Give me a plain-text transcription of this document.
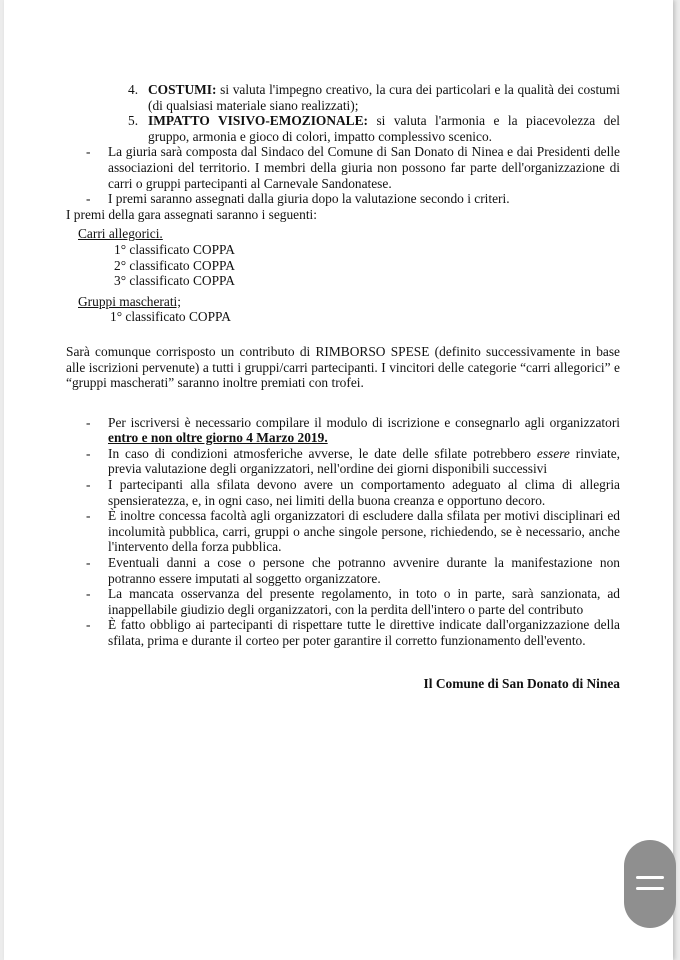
4. COSTUMI: si valuta l'impegno creativo, la cura dei particolari e la qualità dei costumi (di qualsiasi materiale siano realizzati);
5. IMPATTO VISIVO-EMOZIONALE: si valuta l'armonia e la piacevolezza del gruppo, armonia e gioco di colori, impatto complessivo scenico.
- La giuria sarà composta dal Sindaco del Comune di San Donato di Ninea e dai Presidenti delle associazioni del territorio. I membri della giuria non possono far parte dell'organizzazione di carri o gruppi partecipanti al Carnevale Sandonatese.
- I premi saranno assegnati dalla giuria dopo la valutazione secondo i criteri.
I premi della gara assegnati saranno i seguenti:
Carri allegorici.
1° classificato COPPA
2° classificato COPPA
3° classificato COPPA
Gruppi mascherati;
1° classificato COPPA
Sarà comunque corrisposto un contributo di RIMBORSO SPESE (definito successivamente in base alle iscrizioni pervenute) a tutti i gruppi/carri partecipanti. I vincitori delle categorie “carri allegorici” e “gruppi mascherati” saranno inoltre premiati con trofei.
- Per iscriversi è necessario compilare il modulo di iscrizione e consegnarlo agli organizzatori entro e non oltre giorno 4 Marzo 2019.
- In caso di condizioni atmosferiche avverse, le date delle sfilate potrebbero essere rinviate, previa valutazione degli organizzatori, nell'ordine dei giorni disponibili successivi
- I partecipanti alla sfilata devono avere un comportamento adeguato al clima di allegria spensieratezza, e, in ogni caso, nei limiti della buona creanza e opportuno decoro.
- È inoltre concessa facoltà agli organizzatori di escludere dalla sfilata per motivi disciplinari ed incolumità pubblica, carri, gruppi o anche singole persone, richiedendo, se è necessario, anche l'intervento della forza pubblica.
- Eventuali danni a cose o persone che potranno avvenire durante la manifestazione non potranno essere imputati al soggetto organizzatore.
- La mancata osservanza del presente regolamento, in toto o in parte, sarà sanzionata, ad inappellabile giudizio degli organizzatori, con la perdita dell'intero o parte del contributo
- È fatto obbligo ai partecipanti di rispettare tutte le direttive indicate dall'organizzazione della sfilata, prima e durante il corteo per poter garantire il corretto funzionamento dell'evento.
Il Comune di San Donato di Ninea
